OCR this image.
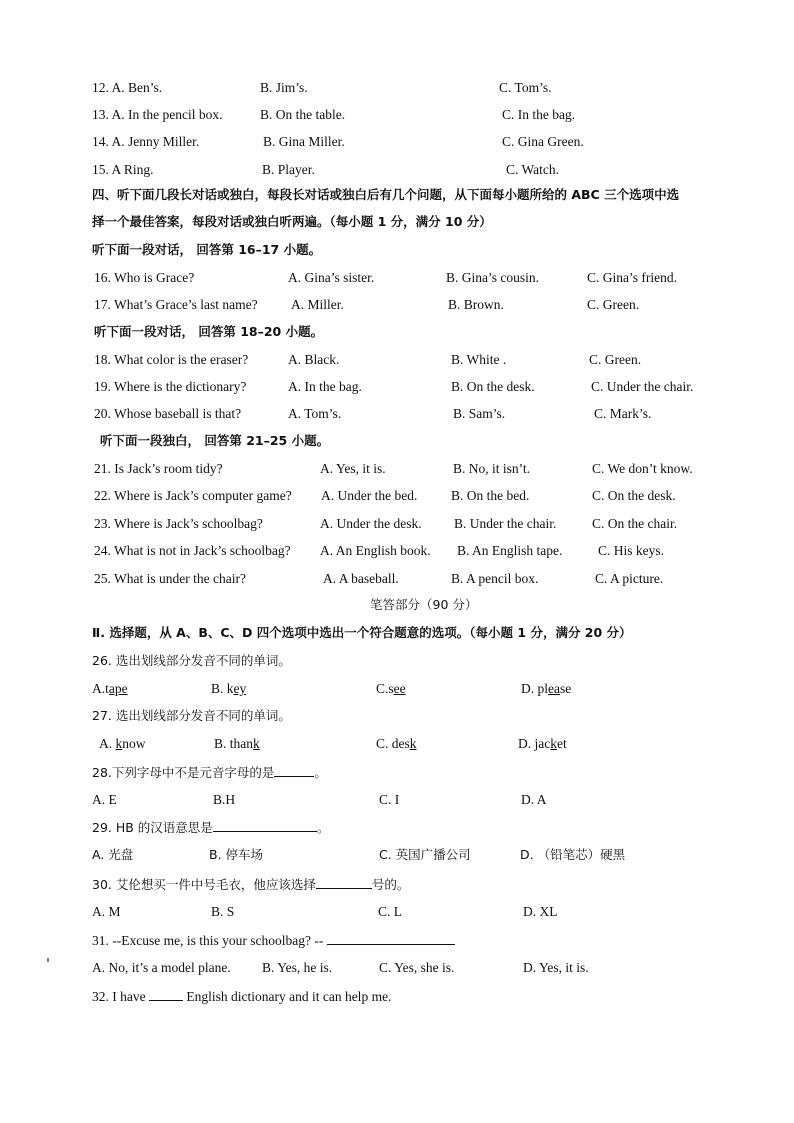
12. A. Ben’s.	B. Jim’s.	C. Tom’s.
13. A. In the pencil box.	B. On the table.	C. In the bag.
14. A. Jenny Miller.	B. Gina Miller.	C. Gina Green.
15. A Ring.	B. Player.	C. Watch.
四、听下面几段长对话或独白，每段长对话或独白后有几个问题，从下面每小题所给的 ABC 三个选项中选
择一个最佳答案，每段对话或独白听两遍。（每小题 1 分，满分 10 分）
听下面一段对话， 回答第 16–17 小题。
16. Who is Grace?	A. Gina’s sister.	B. Gina’s cousin.	C. Gina’s friend.
17. What’s Grace’s last name? A. Miller.	B. Brown.	C. Green.
听下面一段对话， 回答第 18–20 小题。
18. What color is the eraser?	A. Black.	B. White .	C. Green.
19. Where is the dictionary?	A. In the bag.	B. On the desk.	C. Under the chair.
20. Whose baseball is that?	A. Tom’s.	B. Sam’s.	C. Mark’s.
听下面一段独白， 回答第 21–25 小题。
21. Is Jack’s room tidy?	A. Yes, it is.	B. No, it isn’t.	C. We don’t know.
22. Where is Jack’s computer game? A. Under the bed. B. On the bed.	C. On the desk.
23. Where is Jack’s schoolbag?	A. Under the desk. B. Under the chair.	C. On the chair.
24. What is not in Jack’s schoolbag? A. An English book. B. An English tape.	C. His keys.
25. What is under the chair?	A. A baseball.	B. A pencil box.	C. A picture.
笔答部分（90 分）
Ⅱ. 选择题，从 A、B、C、D 四个选项中选出一个符合题意的选项。（每小题 1 分，满分 20 分）
26. 选出划线部分发音不同的单词。
A.tape	B. key	C.see	D. please
27. 选出划线部分发音不同的单词。
A. know	B. thank	C. desk	D. jacket
28.下列字母中不是元音字母的是	。
A. E	B.H	C. I	D. A
29. HB 的汉语意思是	。
A. 光盘	B. 停车场	C. 英国广播公司	D. （铅笔芯）硬黑
30. 艾伦想买一件中号毛衣，他应该选择	号的。
A. M	B. S	C. L	D. XL
31. --Excuse me, is this your schoolbag? --
A. No, it’s a model plane. B. Yes, he is.	C. Yes, she is.	D. Yes, it is.
32. I have	English dictionary and it can help me.
